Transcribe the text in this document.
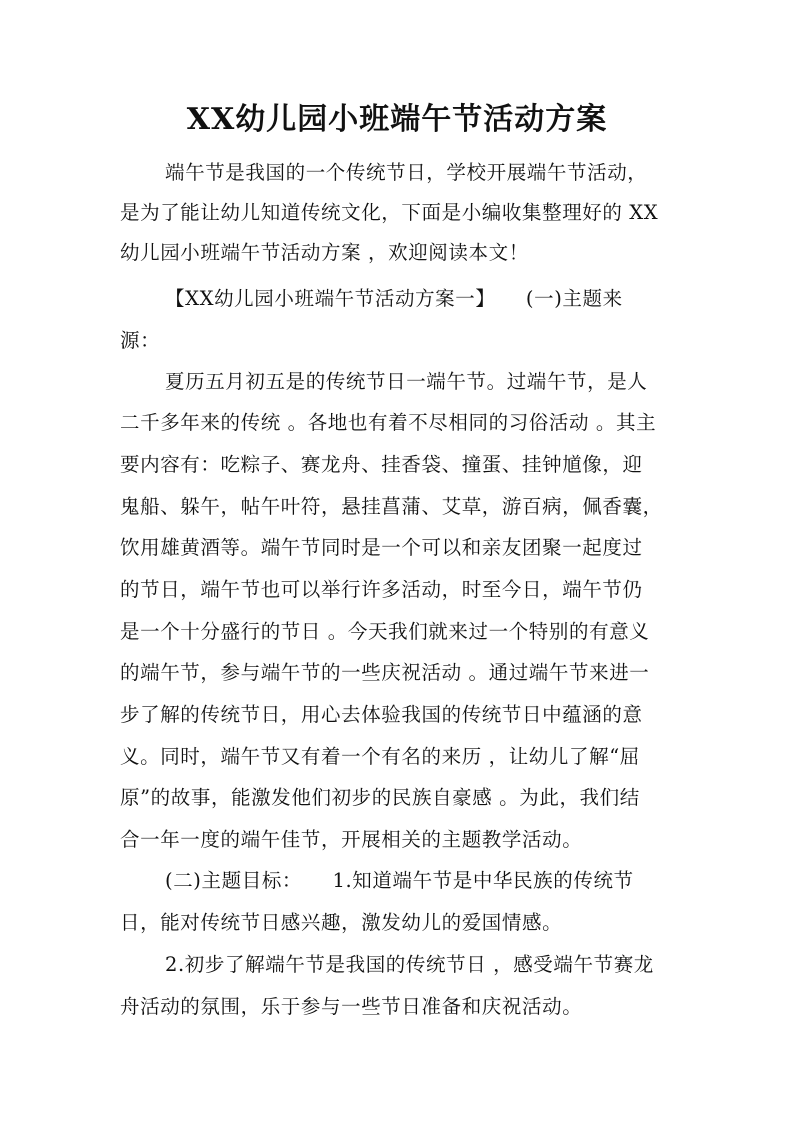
XX幼儿园小班端午节活动方案
端午节是我国的一个传统节日，学校开展端午节活动，
是为了能让幼儿知道传统文化，下面是小编收集整理好的 XX
幼儿园小班端午节活动方案 ，欢迎阅读本文！
【XX幼儿园小班端午节活动方案一】　　(一)主题来
源：
夏历五月初五是的传统节日一端午节。过端午节，是人
二千多年来的传统 。各地也有着不尽相同的习俗活动 。其主
要内容有：吃粽子、赛龙舟、挂香袋、撞蛋、挂钟馗像，迎
鬼船、躲午，帖午叶符，悬挂菖蒲、艾草，游百病，佩香囊，
饮用雄黄酒等。端午节同时是一个可以和亲友团聚一起度过
的节日，端午节也可以举行许多活动，时至今日，端午节仍
是一个十分盛行的节日 。今天我们就来过一个特别的有意义
的端午节，参与端午节的一些庆祝活动 。通过端午节来进一
步了解的传统节日，用心去体验我国的传统节日中蕴涵的意
义。同时，端午节又有着一个有名的来历 ，让幼儿了解“屈
原”的故事，能激发他们初步的民族自豪感 。为此，我们结
合一年一度的端午佳节，开展相关的主题教学活动。
(二)主题目标：　　1.知道端午节是中华民族的传统节
日，能对传统节日感兴趣，激发幼儿的爱国情感。
2.初步了解端午节是我国的传统节日 ，感受端午节赛龙
舟活动的氛围，乐于参与一些节日准备和庆祝活动。
